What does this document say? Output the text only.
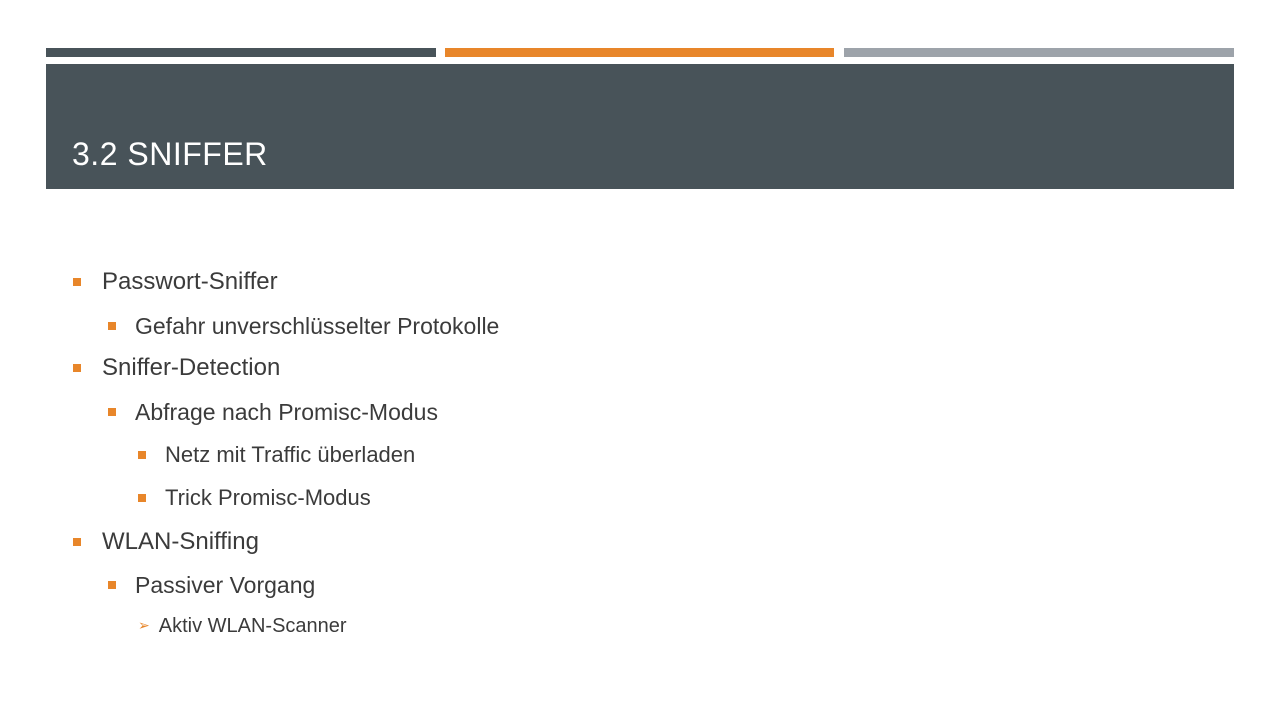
3.2 SNIFFER
Passwort-Sniffer
Gefahr unverschlüsselter Protokolle
Sniffer-Detection
Abfrage nach Promisc-Modus
Netz mit Traffic überladen
Trick Promisc-Modus
WLAN-Sniffing
Passiver Vorgang
➢ Aktiv WLAN-Scanner
